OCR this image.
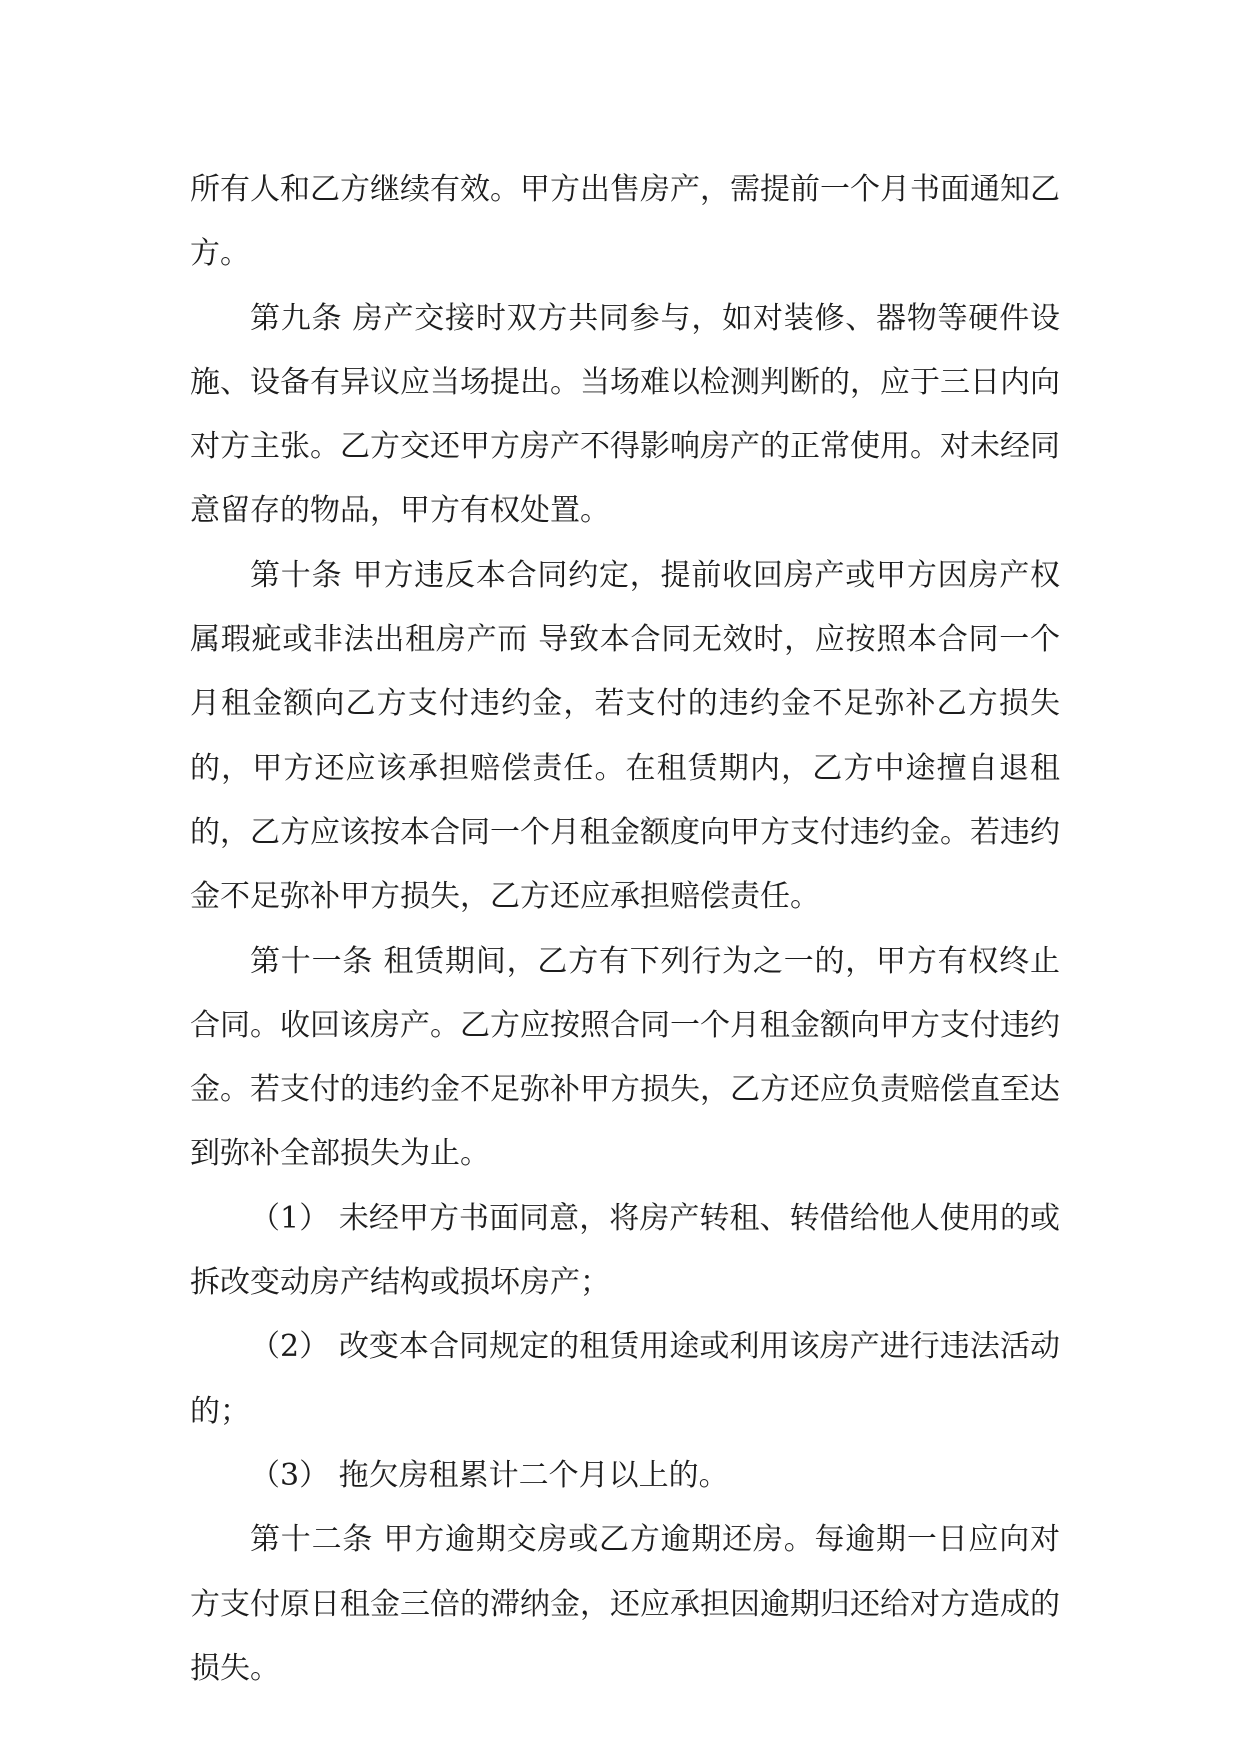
所有人和乙方继续有效。甲方出售房产，需提前一个月书面通知乙方。

第九条 房产交接时双方共同参与，如对装修、器物等硬件设施、设备有异议应当场提出。当场难以检测判断的，应于三日内向对方主张。乙方交还甲方房产不得影响房产的正常使用。对未经同意留存的物品，甲方有权处置。

第十条 甲方违反本合同约定，提前收回房产或甲方因房产权属瑕疵或非法出租房产而 导致本合同无效时，应按照本合同一个月租金额向乙方支付违约金，若支付的违约金不足弥补乙方损失的，甲方还应该承担赔偿责任。在租赁期内，乙方中途擅自退租的，乙方应该按本合同一个月租金额度向甲方支付违约金。若违约金不足弥补甲方损失，乙方还应承担赔偿责任。

第十一条 租赁期间，乙方有下列行为之一的，甲方有权终止合同。收回该房产。乙方应按照合同一个月租金额向甲方支付违约金。若支付的违约金不足弥补甲方损失，乙方还应负责赔偿直至达到弥补全部损失为止。

（1） 未经甲方书面同意，将房产转租、转借给他人使用的或拆改变动房产结构或损坏房产；

（2） 改变本合同规定的租赁用途或利用该房产进行违法活动的；

（3） 拖欠房租累计二个月以上的。

第十二条 甲方逾期交房或乙方逾期还房。每逾期一日应向对方支付原日租金三倍的滞纳金，还应承担因逾期归还给对方造成的损失。
